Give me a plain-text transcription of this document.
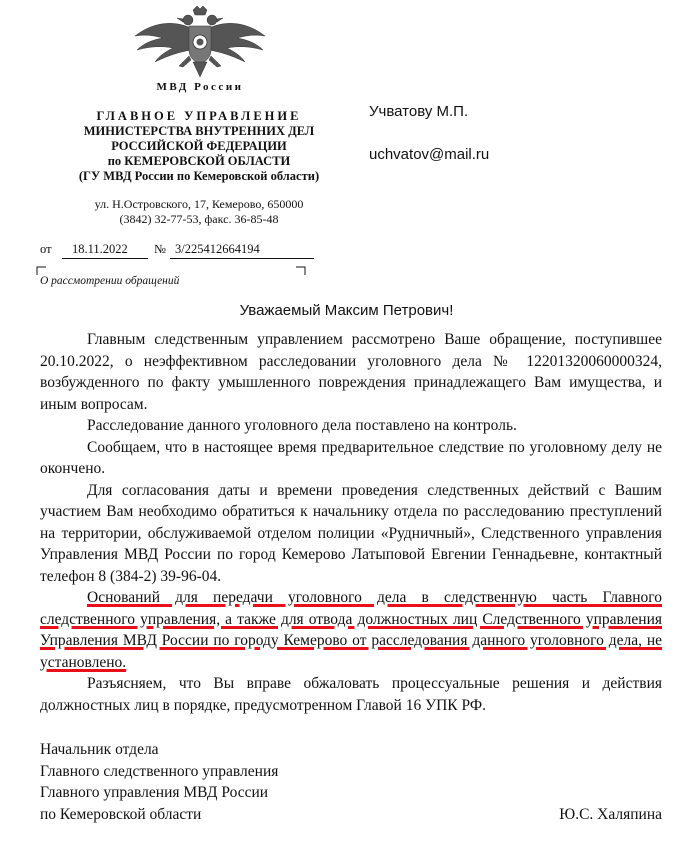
МВД России
ГЛАВНОЕ УПРАВЛЕНИЕ
МИНИСТЕРСТВА ВНУТРЕННИХ ДЕЛ
РОССИЙСКОЙ ФЕДЕРАЦИИ
по КЕМЕРОВСКОЙ ОБЛАСТИ
(ГУ МВД России по Кемеровской области)
ул. Н.Островского, 17, Кемерово, 650000
(3842) 32-77-53, факс. 36-85-48
от 18.11.2022 № 3/225412664194
О рассмотрении обращений
Учватову М.П.
uchvatov@mail.ru
Уважаемый Максим Петрович!

Главным следственным управлением рассмотрено Ваше обращение, поступившее 20.10.2022, о неэффективном расследовании уголовного дела № 12201320060000324, возбужденного по факту умышленного повреждения принадлежащего Вам имущества, и иным вопросам.

Расследование данного уголовного дела поставлено на контроль.

Сообщаем, что в настоящее время предварительное следствие по уголовному делу не окончено.

Для согласования даты и времени проведения следственных действий с Вашим участием Вам необходимо обратиться к начальнику отдела по расследованию преступлений на территории, обслуживаемой отделом полиции «Рудничный», Следственного управления Управления МВД России по город Кемерово Латыповой Евгении Геннадьевне, контактный телефон 8 (384-2) 39-96-04.

Оснований для передачи уголовного дела в следственную часть Главного следственного управления, а также для отвода должностных лиц Следственного управления Управления МВД России по городу Кемерово от расследования данного уголовного дела, не установлено.

Разъясняем, что Вы вправе обжаловать процессуальные решения и действия должностных лиц в порядке, предусмотренном Главой 16 УПК РФ.

Начальник отдела
Главного следственного управления
Главного управления МВД России
по Кемеровской области	Ю.С. Халяпина
